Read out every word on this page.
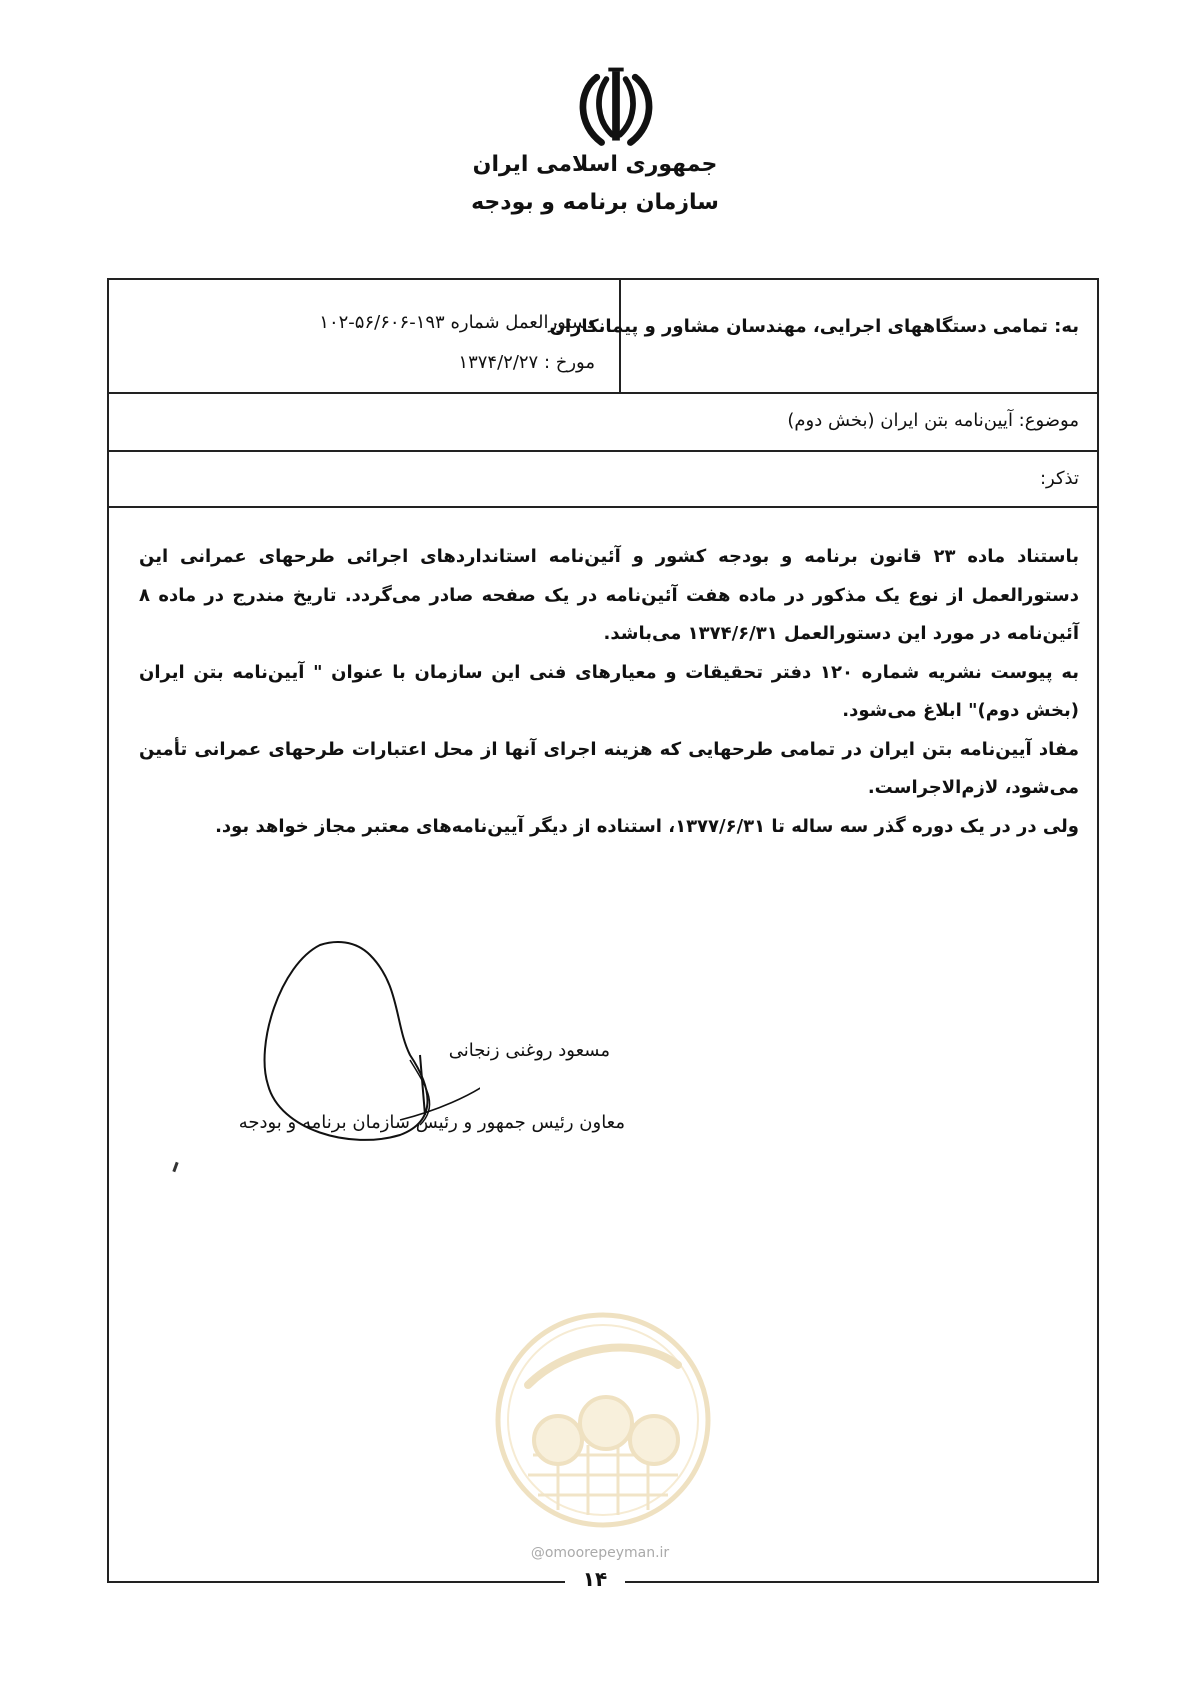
جمهوری اسلامی ایران
سازمان برنامه و بودجه
به: تمامی دستگاههای اجرایی، مهندسان مشاور و پیمانکاران
دستورالعمل شماره ۱۹۳-۵۶/۶۰۶-۱۰۲
مورخ : ۱۳۷۴/۲/۲۷
موضوع: آیین‌نامه بتن ایران (بخش دوم)
تذکر:

باستناد ماده ۲۳ قانون برنامه و بودجه کشور و آئین‌نامه استانداردهای اجرائی طرحهای عمرانی این دستورالعمل از نوع یک مذکور در ماده هفت آئین‌نامه در یک صفحه صادر می‌گردد. تاریخ مندرج در ماده ۸ آئین‌نامه در مورد این دستورالعمل ۱۳۷۴/۶/۳۱ می‌باشد.

به پیوست نشریه شماره ۱۲۰ دفتر تحقیقات و معیارهای فنی این سازمان با عنوان " آیین‌نامه بتن ایران (بخش دوم)" ابلاغ می‌شود.

مفاد آیین‌نامه بتن ایران در تمامی طرحهایی که هزینه اجرای آنها از محل اعتبارات طرحهای عمرانی تأمین می‌شود، لازم‌الاجراست.

ولی در در یک دوره گذر سه ساله تا ۱۳۷۷/۶/۳۱، استناده از دیگر آیین‌نامه‌های معتبر مجاز خواهد بود.

مسعود روغنی زنجانی
معاون رئیس جمهور و رئیس سازمان برنامه و بودجه
@omoorepeyman.ir
۱۴
